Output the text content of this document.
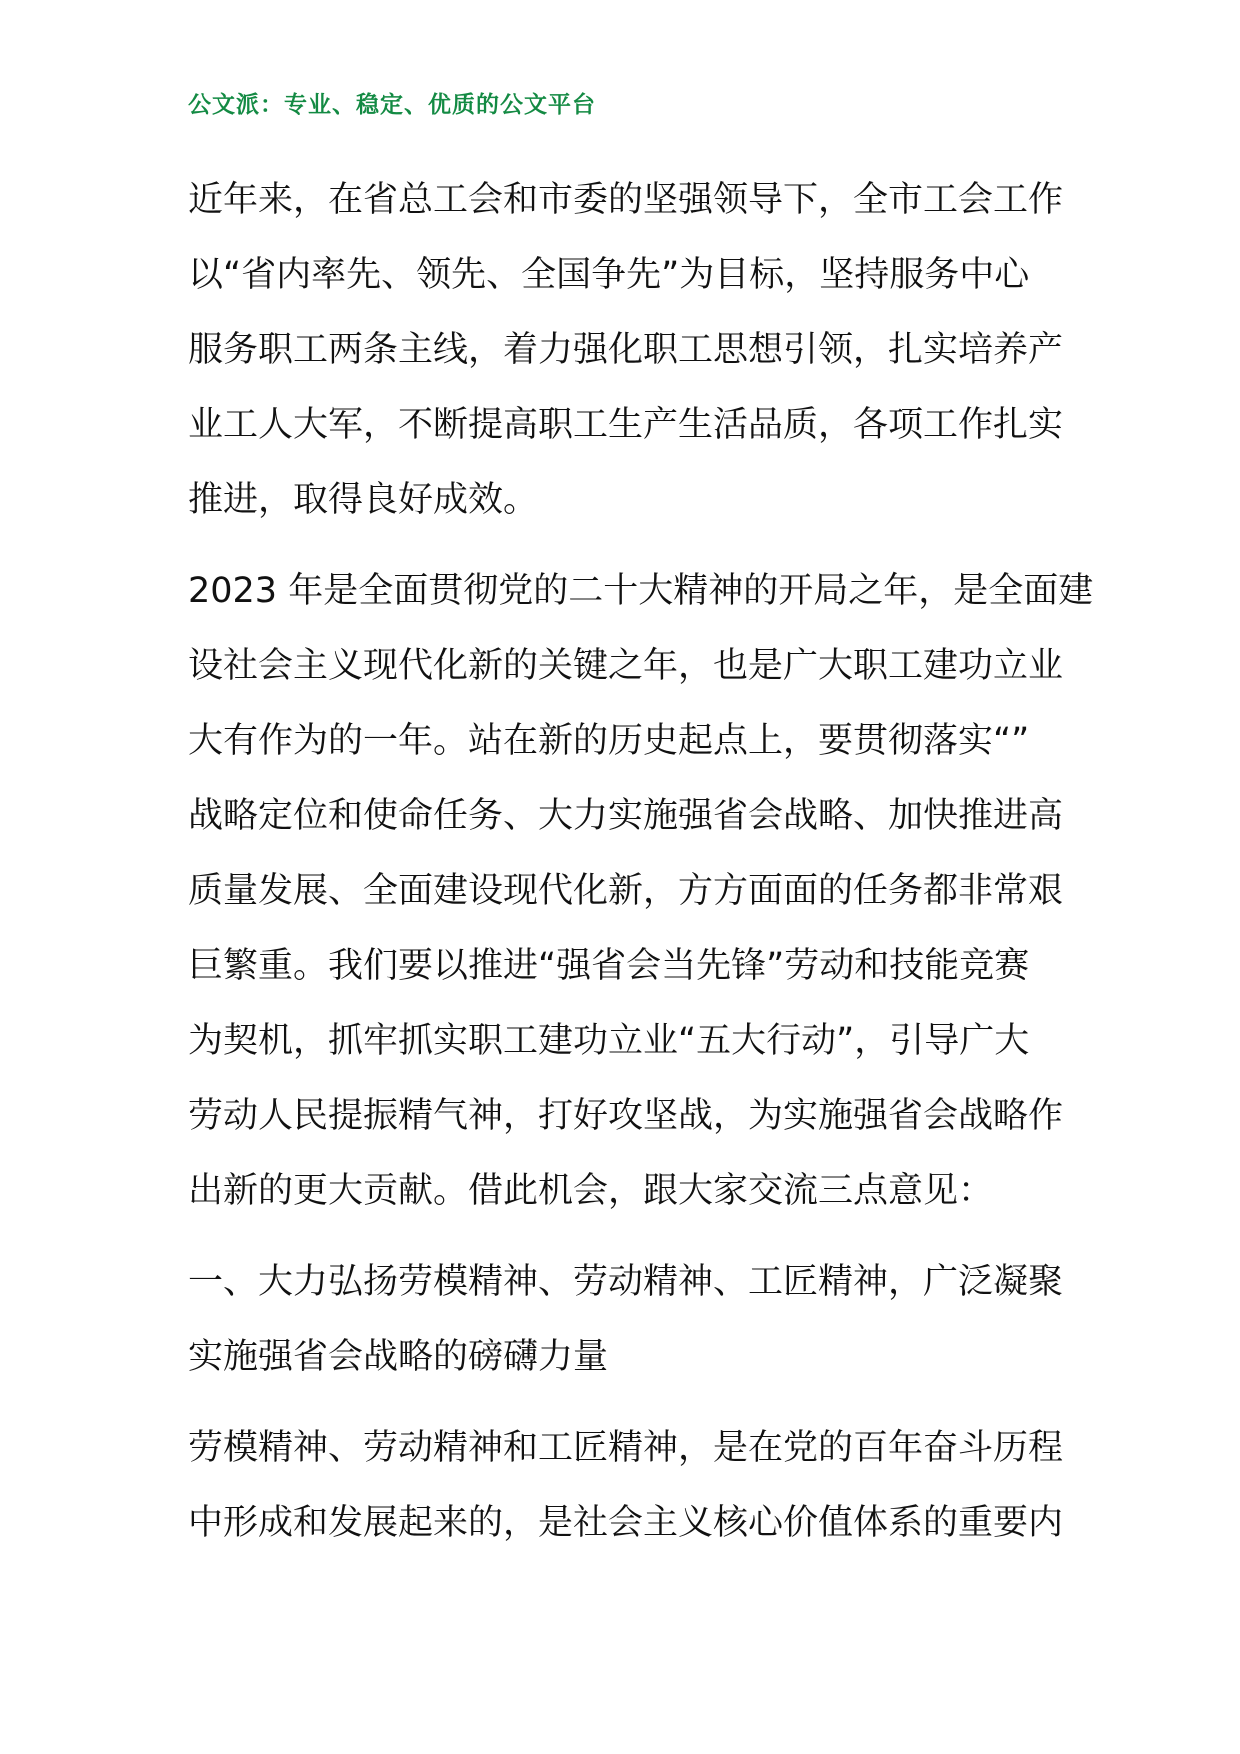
公文派：专业、稳定、优质的公文平台

近年来，在省总工会和市委的坚强领导下，全市工会工作
以“省内率先、领先、全国争先”为目标，坚持服务中心
服务职工两条主线，着力强化职工思想引领，扎实培养产
业工人大军，不断提高职工生产生活品质，各项工作扎实
推进，取得良好成效。

2023 年是全面贯彻党的二十大精神的开局之年，是全面建
设社会主义现代化新的关键之年，也是广大职工建功立业
大有作为的一年。站在新的历史起点上，要贯彻落实“”
战略定位和使命任务、大力实施强省会战略、加快推进高
质量发展、全面建设现代化新，方方面面的任务都非常艰
巨繁重。我们要以推进“强省会当先锋”劳动和技能竞赛
为契机，抓牢抓实职工建功立业“五大行动”，引导广大
劳动人民提振精气神，打好攻坚战，为实施强省会战略作
出新的更大贡献。借此机会，跟大家交流三点意见：

一、大力弘扬劳模精神、劳动精神、工匠精神，广泛凝聚
实施强省会战略的磅礴力量

劳模精神、劳动精神和工匠精神，是在党的百年奋斗历程
中形成和发展起来的，是社会主义核心价值体系的重要内
